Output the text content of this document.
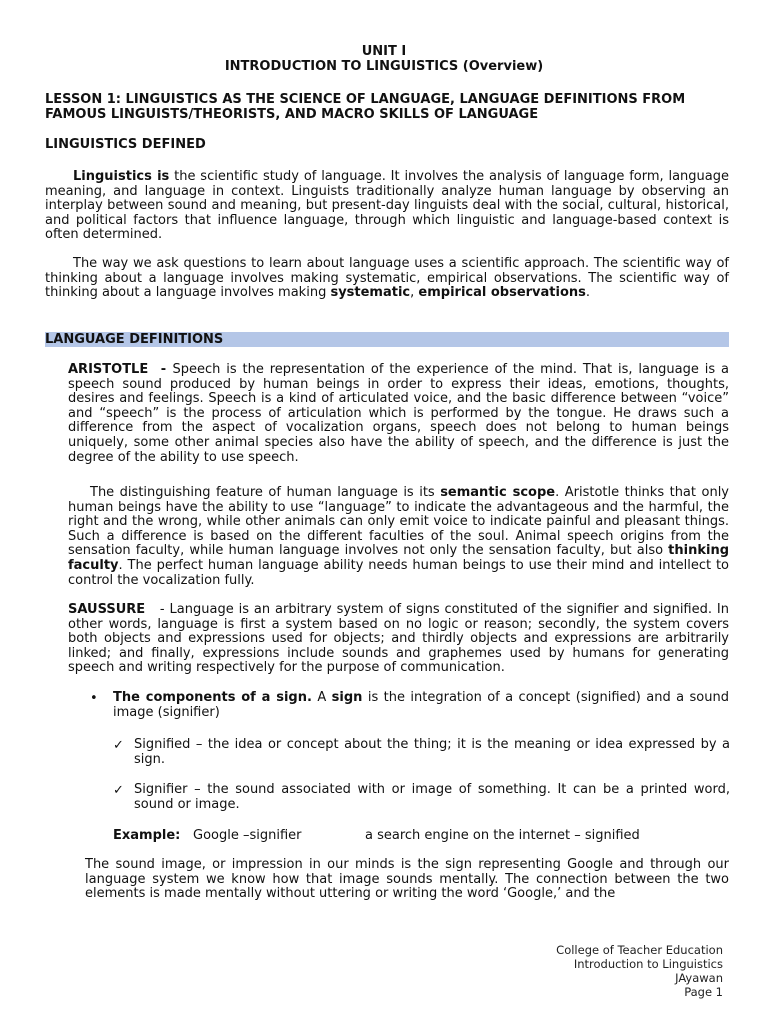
UNIT I
INTRODUCTION TO LINGUISTICS (Overview)
LESSON 1: LINGUISTICS AS THE SCIENCE OF LANGUAGE, LANGUAGE DEFINITIONS FROM FAMOUS LINGUISTS/THEORISTS, AND MACRO SKILLS OF LANGUAGE
LINGUISTICS DEFINED
Linguistics is the scientific study of language. It involves the analysis of language form, language meaning, and language in context. Linguists traditionally analyze human language by observing an interplay between sound and meaning, but present-day linguists deal with the social, cultural, historical, and political factors that influence language, through which linguistic and language-based context is often determined.
The way we ask questions to learn about language uses a scientific approach. The scientific way of thinking about a language involves making systematic, empirical observations. The scientific way of thinking about a language involves making systematic, empirical observations.
LANGUAGE DEFINITIONS
ARISTOTLE  - Speech is the representation of the experience of the mind. That is, language is a speech sound produced by human beings in order to express their ideas, emotions, thoughts, desires and feelings. Speech is a kind of articulated voice, and the basic difference between “voice” and “speech” is the process of articulation which is performed by the tongue. He draws such a difference from the aspect of vocalization organs, speech does not belong to human beings uniquely, some other animal species also have the ability of speech, and the difference is just the degree of the ability to use speech.
The distinguishing feature of human language is its semantic scope. Aristotle thinks that only human beings have the ability to use “language” to indicate the advantageous and the harmful, the right and the wrong, while other animals can only emit voice to indicate painful and pleasant things. Such a difference is based on the different faculties of the soul. Animal speech origins from the sensation faculty, while human language involves not only the sensation faculty, but also thinking faculty. The perfect human language ability needs human beings to use their mind and intellect to control the vocalization fully.
SAUSSURE   - Language is an arbitrary system of signs constituted of the signifier and signified. In other words, language is first a system based on no logic or reason; secondly, the system covers both objects and expressions used for objects; and thirdly objects and expressions are arbitrarily linked; and finally, expressions include sounds and graphemes used by humans for generating speech and writing respectively for the purpose of communication.
• The components of a sign. A sign is the integration of a concept (signified) and a sound image (signifier)
✓ Signified – the idea or concept about the thing; it is the meaning or idea expressed by a sign.
✓ Signifier – the sound associated with or image of something. It can be a printed word, sound or image.
Example: Google –signifier	a search engine on the internet – signified
The sound image, or impression in our minds is the sign representing Google and through our language system we know how that image sounds mentally. The connection between the two elements is made mentally without uttering or writing the word ‘Google,’ and the
College of Teacher Education
Introduction to Linguistics
JAyawan
Page 1
